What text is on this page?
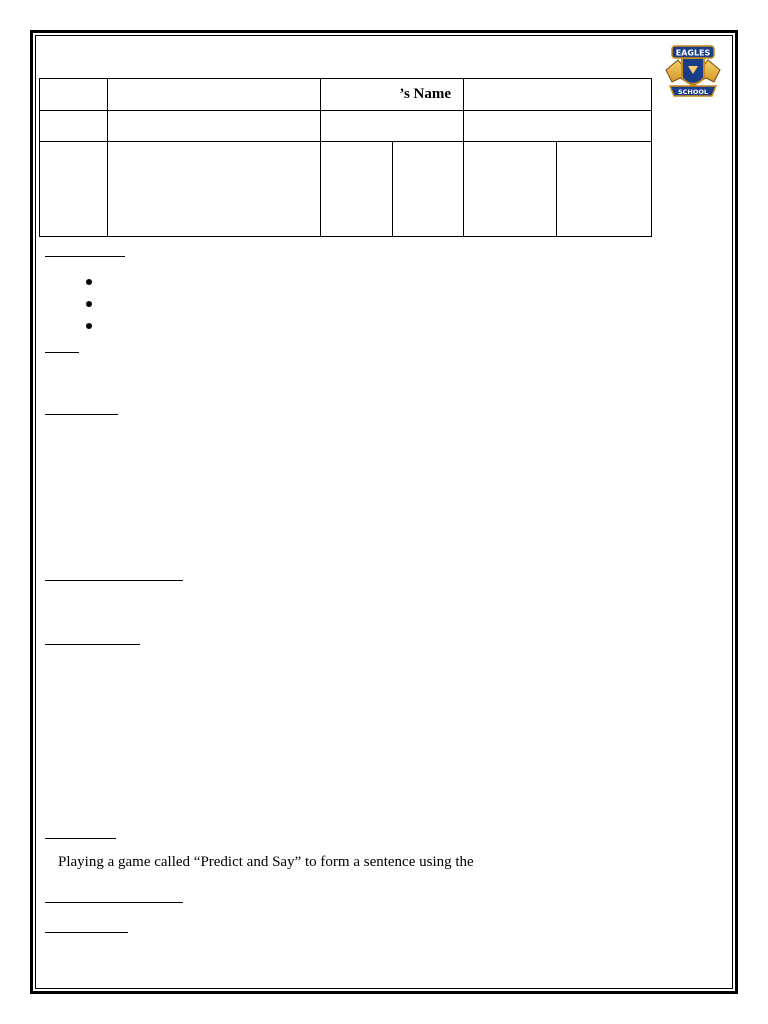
EAGLES
SCHOOL
		’s Name			

Playing a game called “Predict and Say” to form a sentence using the
